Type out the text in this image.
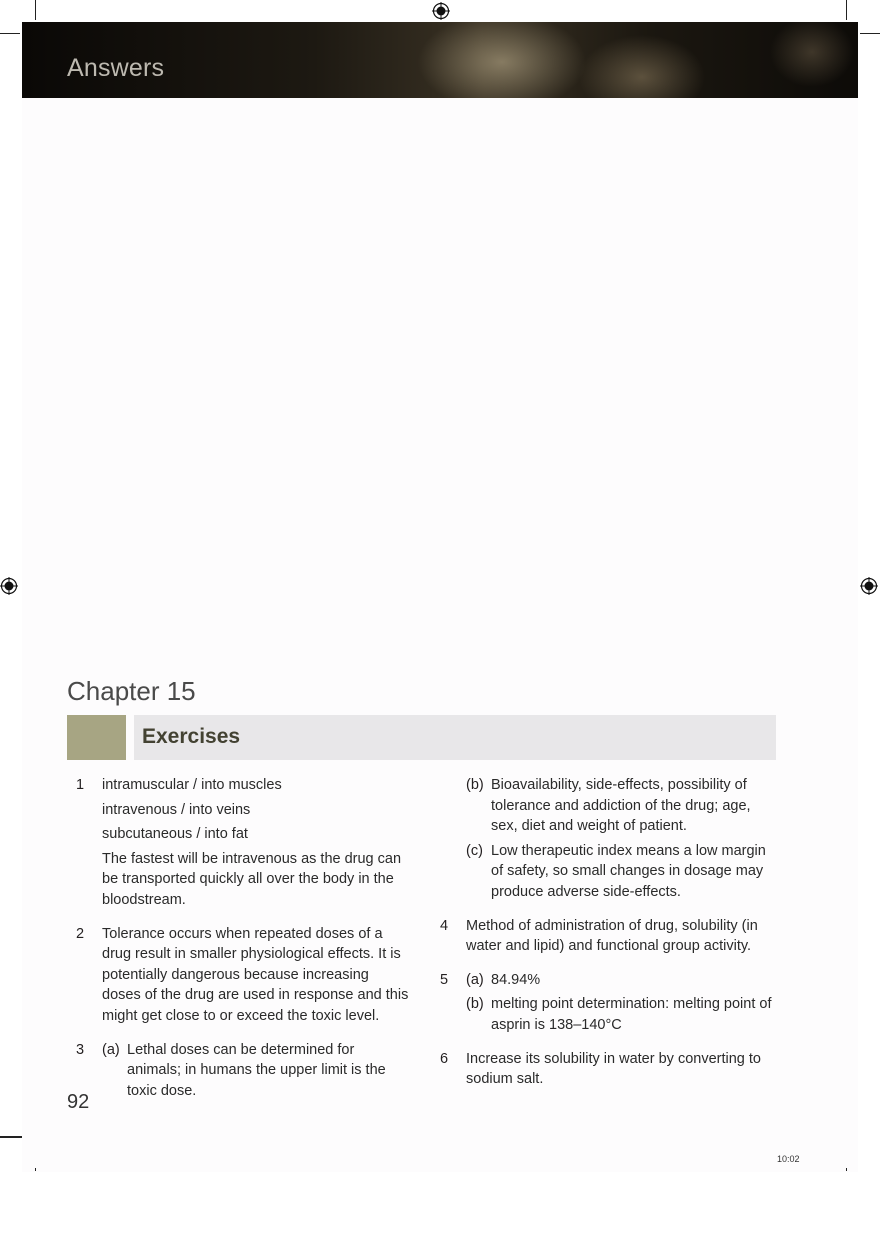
Answers
Chapter 15
Exercises
1	intramuscular / into muscles
intravenous / into veins
subcutaneous / into fat
The fastest will be intravenous as the drug can be transported quickly all over the body in the bloodstream.
2	Tolerance occurs when repeated doses of a drug result in smaller physiological effects. It is potentially dangerous because increasing doses of the drug are used in response and this might get close to or exceed the toxic level.
3	(a) Lethal doses can be determined for animals; in humans the upper limit is the toxic dose.
(b) Bioavailability, side-effects, possibility of tolerance and addiction of the drug; age, sex, diet and weight of patient.
(c) Low therapeutic index means a low margin of safety, so small changes in dosage may produce adverse side-effects.
4	Method of administration of drug, solubility (in water and lipid) and functional group activity.
5	(a) 84.94%
(b) melting point determination: melting point of asprin is 138–140°C
6	Increase its solubility in water by converting to sodium salt.
92
10:02
